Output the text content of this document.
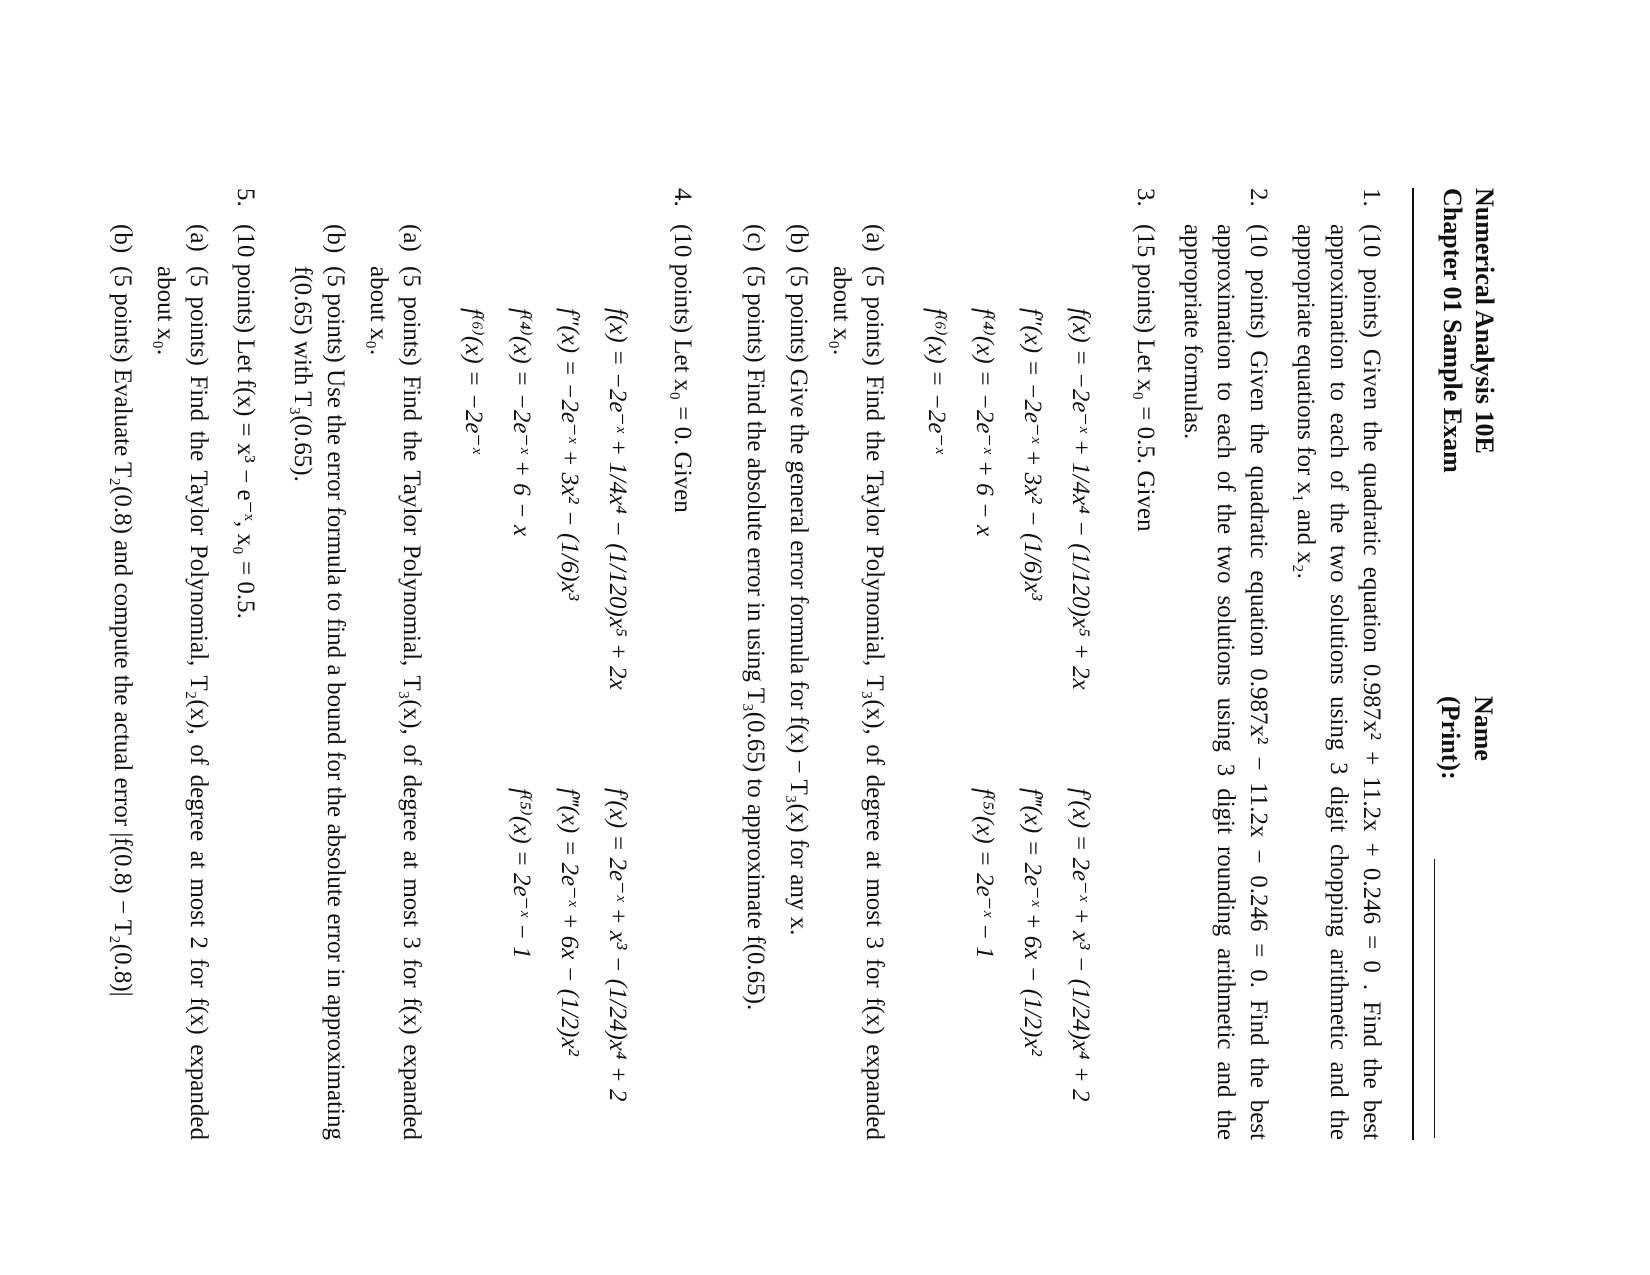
Numerical Analysis 10E
Chapter 01 Sample Exam
Name (Print):
1.
(10 points) Given the quadratic equation 0.987x² + 11.2x + 0.246 = 0 . Find the best approximation to each of the two solutions using 3 digit chopping arithmetic and the appropriate equations for x₁ and x₂.
2.
(10 points) Given the quadratic equation 0.987x² − 11.2x − 0.246 = 0. Find the best approximation to each of the two solutions using 3 digit rounding arithmetic and the appropriate formulas.
3.
(15 points) Let x₀ = 0.5. Given
f(x) = −2e⁻ˣ + 1/4x⁴ − (1/120)x⁵ + 2x
f′(x) = 2e⁻ˣ + x³ − (1/24)x⁴ + 2
f″(x) = −2e⁻ˣ + 3x² − (1/6)x³
f‴(x) = 2e⁻ˣ + 6x − (1/2)x²
f⁽⁴⁾(x) = −2e⁻ˣ + 6 − x
f⁽⁵⁾(x) = 2e⁻ˣ − 1
f⁽⁶⁾(x) = −2e⁻ˣ
(a)
(5 points) Find the Taylor Polynomial, T₃(x), of degree at most 3 for f(x) expanded about x₀.
(b)
(5 points) Give the general error formula for f(x) − T₃(x) for any x.
(c)
(5 points) Find the absolute error in using T₃(0.65) to approximate f(0.65).
4.
(10 points) Let x₀ = 0. Given
f(x) = −2e⁻ˣ + 1/4x⁴ − (1/120)x⁵ + 2x
f′(x) = 2e⁻ˣ + x³ − (1/24)x⁴ + 2
f″(x) = −2e⁻ˣ + 3x² − (1/6)x³
f‴(x) = 2e⁻ˣ + 6x − (1/2)x²
f⁽⁴⁾(x) = −2e⁻ˣ + 6 − x
f⁽⁵⁾(x) = 2e⁻ˣ − 1
f⁽⁶⁾(x) = −2e⁻ˣ
(a)
(5 points) Find the Taylor Polynomial, T₃(x), of degree at most 3 for f(x) expanded about x₀.
(b)
(5 points) Use the error formula to find a bound for the absolute error in approximating f(0.65) with T₃(0.65).
5.
(10 points) Let f(x) = x³ − e⁻ˣ, x₀ = 0.5.
(a)
(5 points) Find the Taylor Polynomial, T₂(x), of degree at most 2 for f(x) expanded about x₀.
(b)
(5 points) Evaluate T₂(0.8) and compute the actual error |f(0.8) − T₂(0.8)|
